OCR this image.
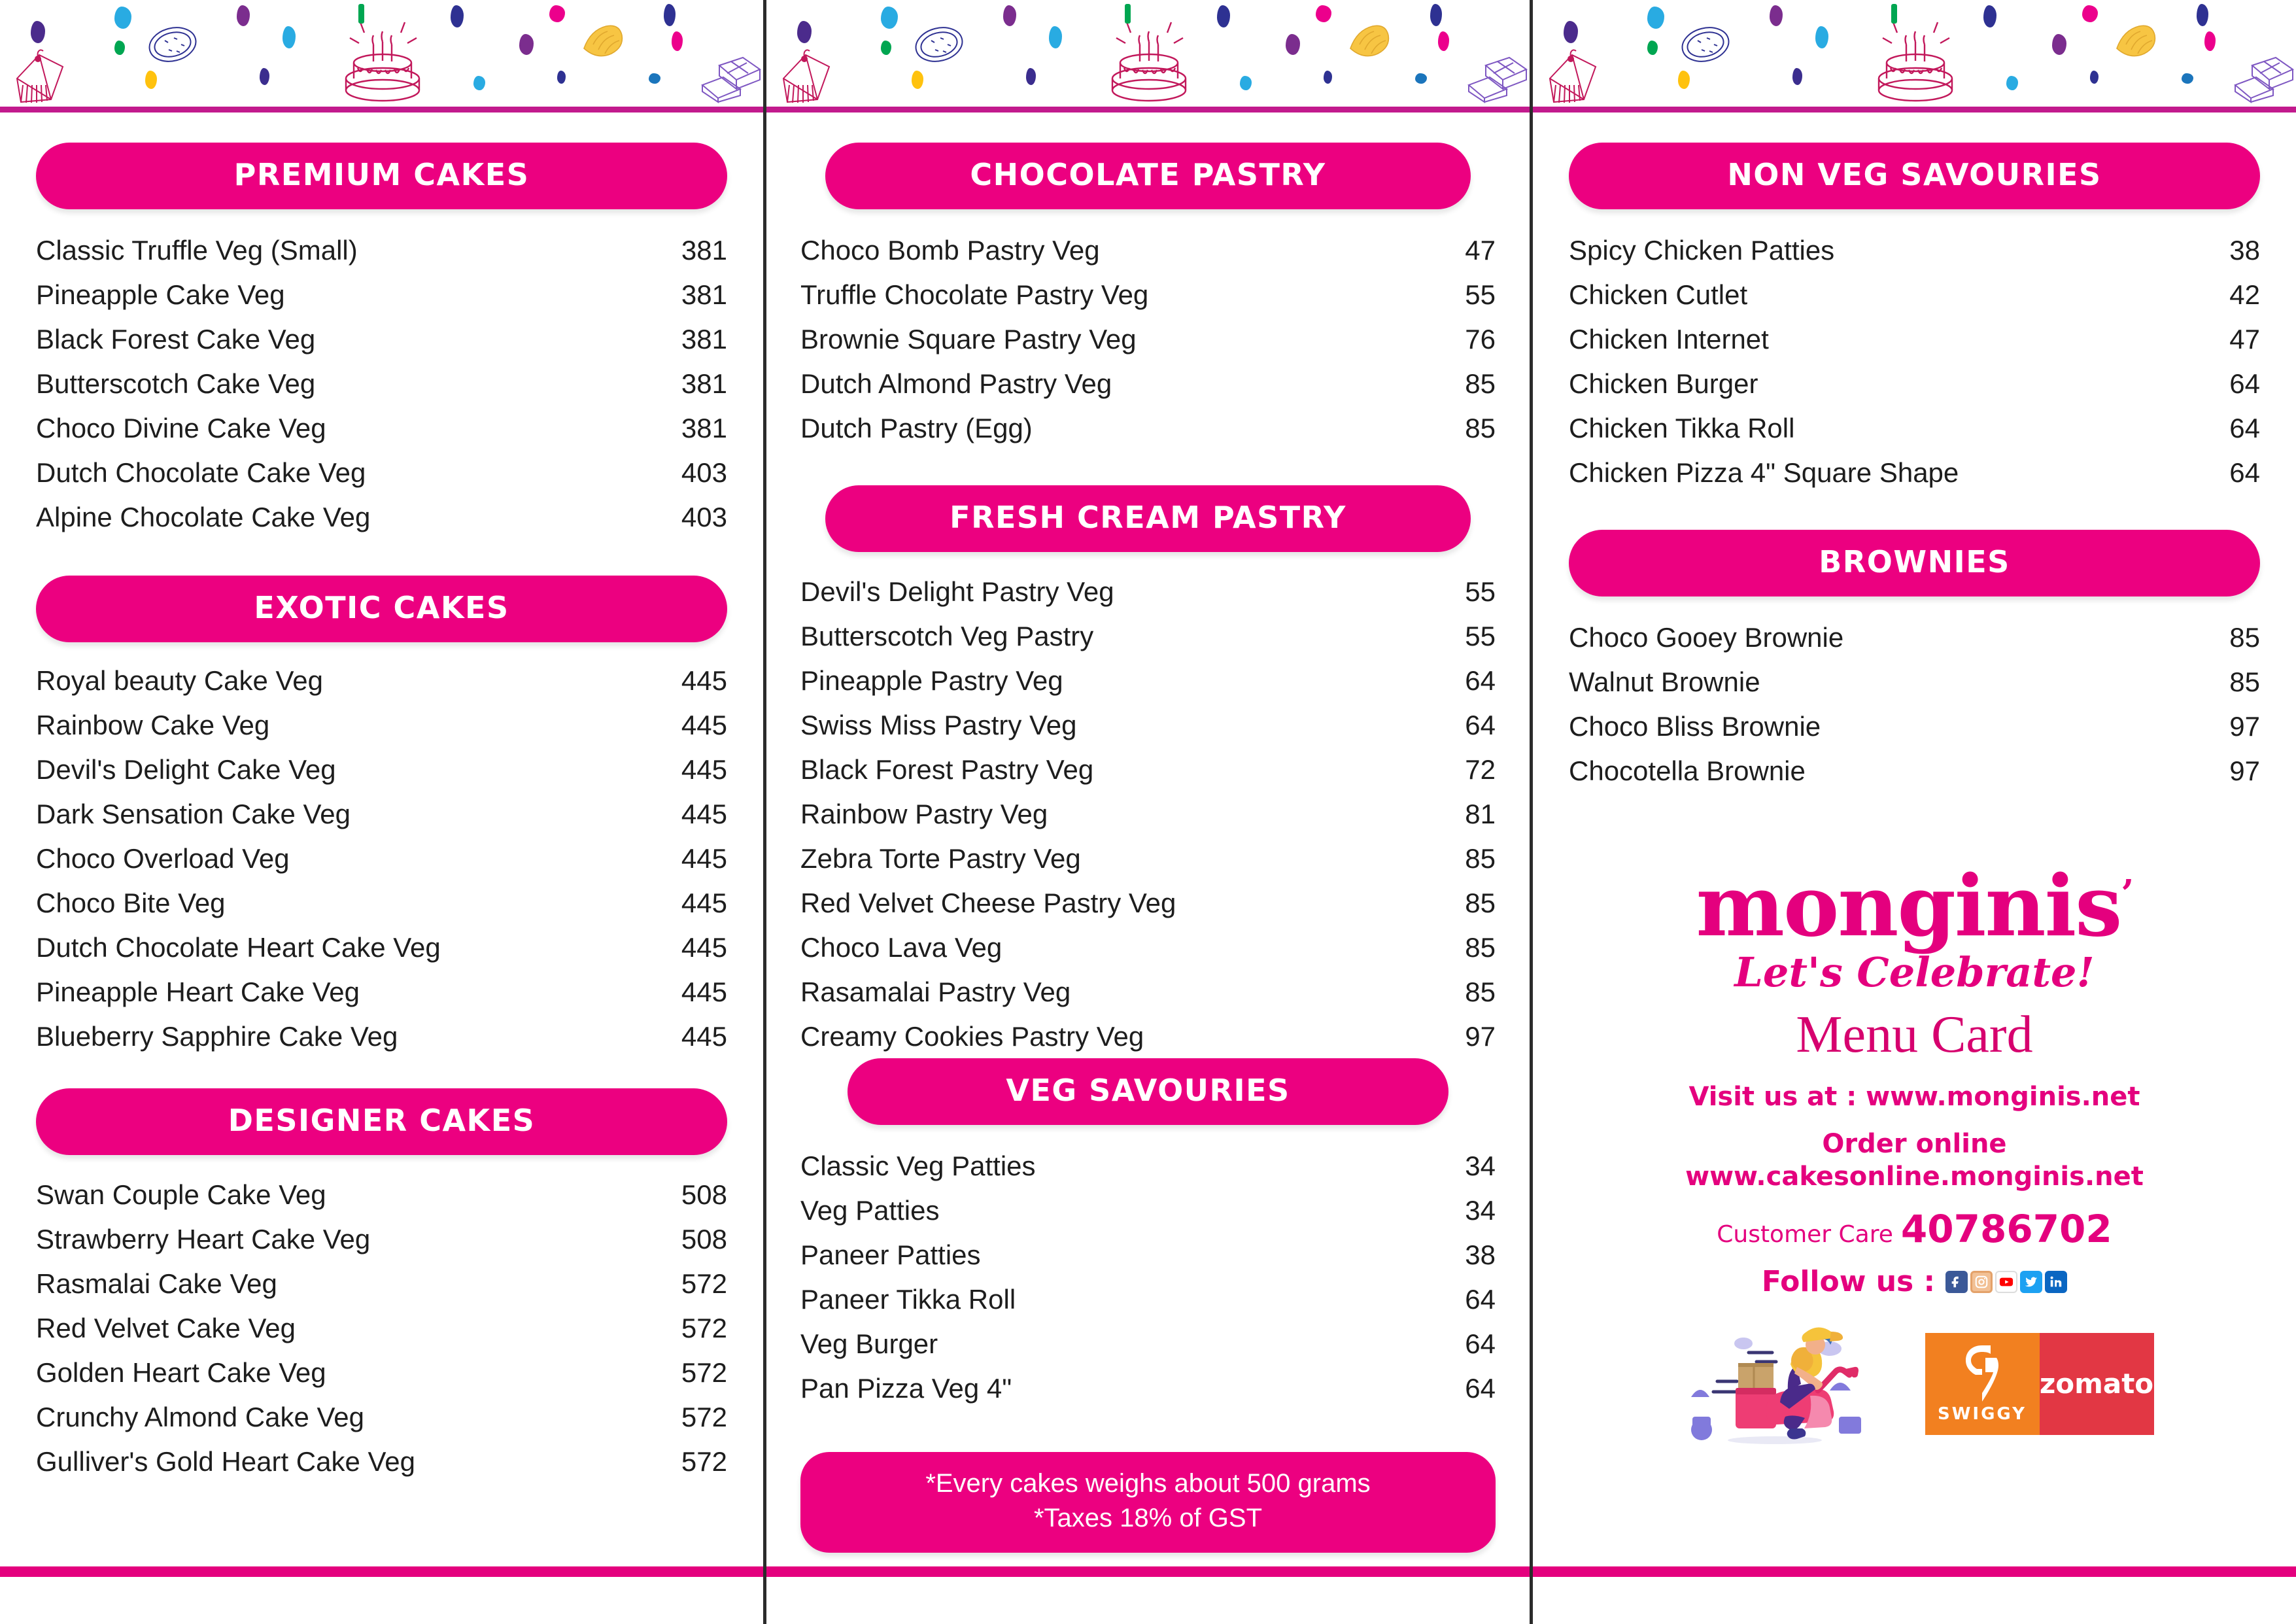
PREMIUM CAKES
Classic Truffle Veg (Small)	381
Pineapple Cake Veg	381
Black Forest Cake Veg	381
Butterscotch Cake Veg	381
Choco Divine Cake Veg	381
Dutch Chocolate Cake Veg	403
Alpine Chocolate Cake Veg	403
EXOTIC CAKES
Royal beauty Cake Veg	445
Rainbow Cake Veg	445
Devil's Delight Cake Veg	445
Dark Sensation Cake Veg	445
Choco Overload Veg	445
Choco Bite Veg	445
Dutch Chocolate Heart Cake Veg	445
Pineapple Heart Cake Veg	445
Blueberry Sapphire Cake Veg	445
DESIGNER CAKES
Swan Couple Cake Veg	508
Strawberry Heart Cake Veg	508
Rasmalai Cake Veg	572
Red Velvet Cake Veg	572
Golden Heart Cake Veg	572
Crunchy Almond Cake Veg	572
Gulliver's Gold Heart Cake Veg	572
CHOCOLATE PASTRY
Choco Bomb Pastry Veg	47
Truffle Chocolate Pastry Veg	55
Brownie Square Pastry Veg	76
Dutch Almond Pastry Veg	85
Dutch Pastry (Egg)	85
FRESH CREAM PASTRY
Devil's Delight Pastry Veg	55
Butterscotch Veg Pastry	55
Pineapple Pastry Veg	64
Swiss Miss Pastry Veg	64
Black Forest Pastry Veg	72
Rainbow Pastry Veg	81
Zebra Torte Pastry Veg	85
Red Velvet Cheese Pastry Veg	85
Choco Lava Veg	85
Rasamalai Pastry Veg	85
Creamy Cookies Pastry Veg	97
VEG SAVOURIES
Classic Veg Patties	34
Veg Patties	34
Paneer Patties	38
Paneer Tikka Roll	64
Veg Burger	64
Pan Pizza Veg 4"	64
*Every cakes weighs about 500 grams
*Taxes 18% of GST
NON VEG SAVOURIES
Spicy Chicken Patties	38
Chicken Cutlet	42
Chicken Internet	47
Chicken Burger	64
Chicken Tikka Roll	64
Chicken Pizza 4" Square Shape	64
BROWNIES
Choco Gooey Brownie	85
Walnut Brownie	85
Choco Bliss Brownie	97
Chocotella Brownie	97
monginis’
Let's Celebrate!
Menu Card
Visit us at : www.monginis.net
Order online
www.cakesonline.monginis.net
Customer Care 40786702
Follow us :
SWIGGY
zomato
